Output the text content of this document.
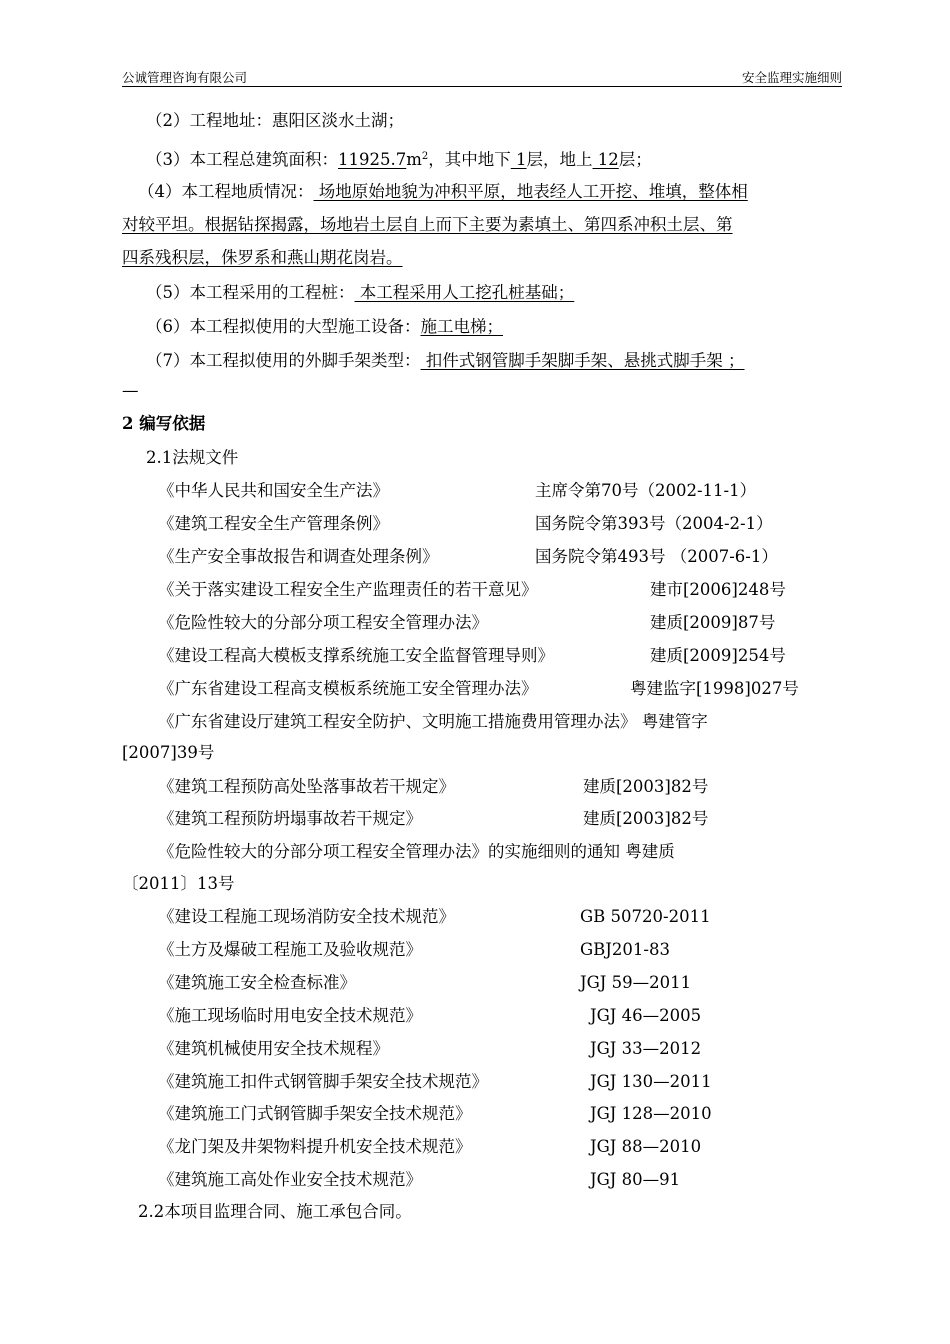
公诚管理咨询有限公司	安全监理实施细则
（2）工程地址：惠阳区淡水土湖；
（3）本工程总建筑面积：$11925.7m^2$，其中地下 1层，地上 12层；
（4）本工程地质情况： 场地原始地貌为冲积平原，地表经人工开挖、堆填，整体相
对较平坦。根据钻探揭露，场地岩土层自上而下主要为素填土、第四系冲积土层、第
四系残积层，侏罗系和燕山期花岗岩。
（5）本工程采用的工程桩： 本工程采用人工挖孔桩基础；
（6）本工程拟使用的大型施工设备：施工电梯；
（7）本工程拟使用的外脚手架类型： 扣件式钢管脚手架脚手架、悬挑式脚手架 ；
—
2 编写依据
2.1法规文件
《中华人民共和国安全生产法》	主席令第70号（2002-11-1）
《建筑工程安全生产管理条例》	国务院令第393号（2004-2-1）
《生产安全事故报告和调查处理条例》	国务院令第493号 （2007-6-1）
《关于落实建设工程安全生产监理责任的若干意见》	建市[2006]248号
《危险性较大的分部分项工程安全管理办法》	建质[2009]87号
《建设工程高大模板支撑系统施工安全监督管理导则》	建质[2009]254号
《广东省建设工程高支模板系统施工安全管理办法》	粤建监字[1998]027号
《广东省建设厅建筑工程安全防护、文明施工措施费用管理办法》 粤建管字
[2007]39号
《建筑工程预防高处坠落事故若干规定》	建质[2003]82号
《建筑工程预防坍塌事故若干规定》	建质[2003]82号
《危险性较大的分部分项工程安全管理办法》的实施细则的通知 粤建质
〔2011〕13号
《建设工程施工现场消防安全技术规范》	GB 50720-2011
《土方及爆破工程施工及验收规范》	GBJ201-83
《建筑施工安全检查标准》	JGJ 59—2011
《施工现场临时用电安全技术规范》	JGJ 46—2005
《建筑机械使用安全技术规程》	JGJ 33—2012
《建筑施工扣件式钢管脚手架安全技术规范》	JGJ 130—2011
《建筑施工门式钢管脚手架安全技术规范》	JGJ 128—2010
《龙门架及井架物料提升机安全技术规范》	JGJ 88—2010
《建筑施工高处作业安全技术规范》	JGJ 80—91
2.2本项目监理合同、施工承包合同。
